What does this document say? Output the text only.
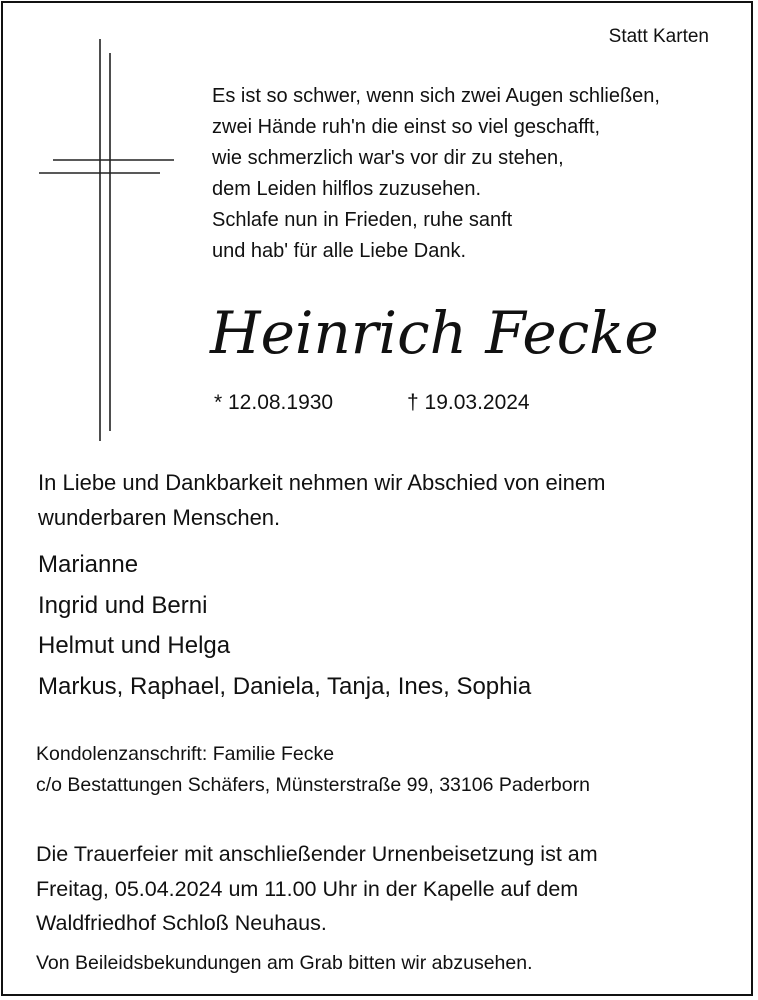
Statt Karten
Es ist so schwer, wenn sich zwei Augen schließen,
zwei Hände ruh'n die einst so viel geschafft,
wie schmerzlich war's vor dir zu stehen,
dem Leiden hilflos zuzusehen.
Schlafe nun in Frieden, ruhe sanft
und hab' für alle Liebe Dank.
Heinrich Fecke
* 12.08.1930	† 19.03.2024
In Liebe und Dankbarkeit nehmen wir Abschied von einem
wunderbaren Menschen.
Marianne
Ingrid und Berni
Helmut und Helga
Markus, Raphael, Daniela, Tanja, Ines, Sophia
Kondolenzanschrift: Familie Fecke
c/o Bestattungen Schäfers, Münsterstraße 99, 33106 Paderborn
Die Trauerfeier mit anschließender Urnenbeisetzung ist am
Freitag, 05.04.2024 um 11.00 Uhr in der Kapelle auf dem
Waldfriedhof Schloß Neuhaus.
Von Beileidsbekundungen am Grab bitten wir abzusehen.
